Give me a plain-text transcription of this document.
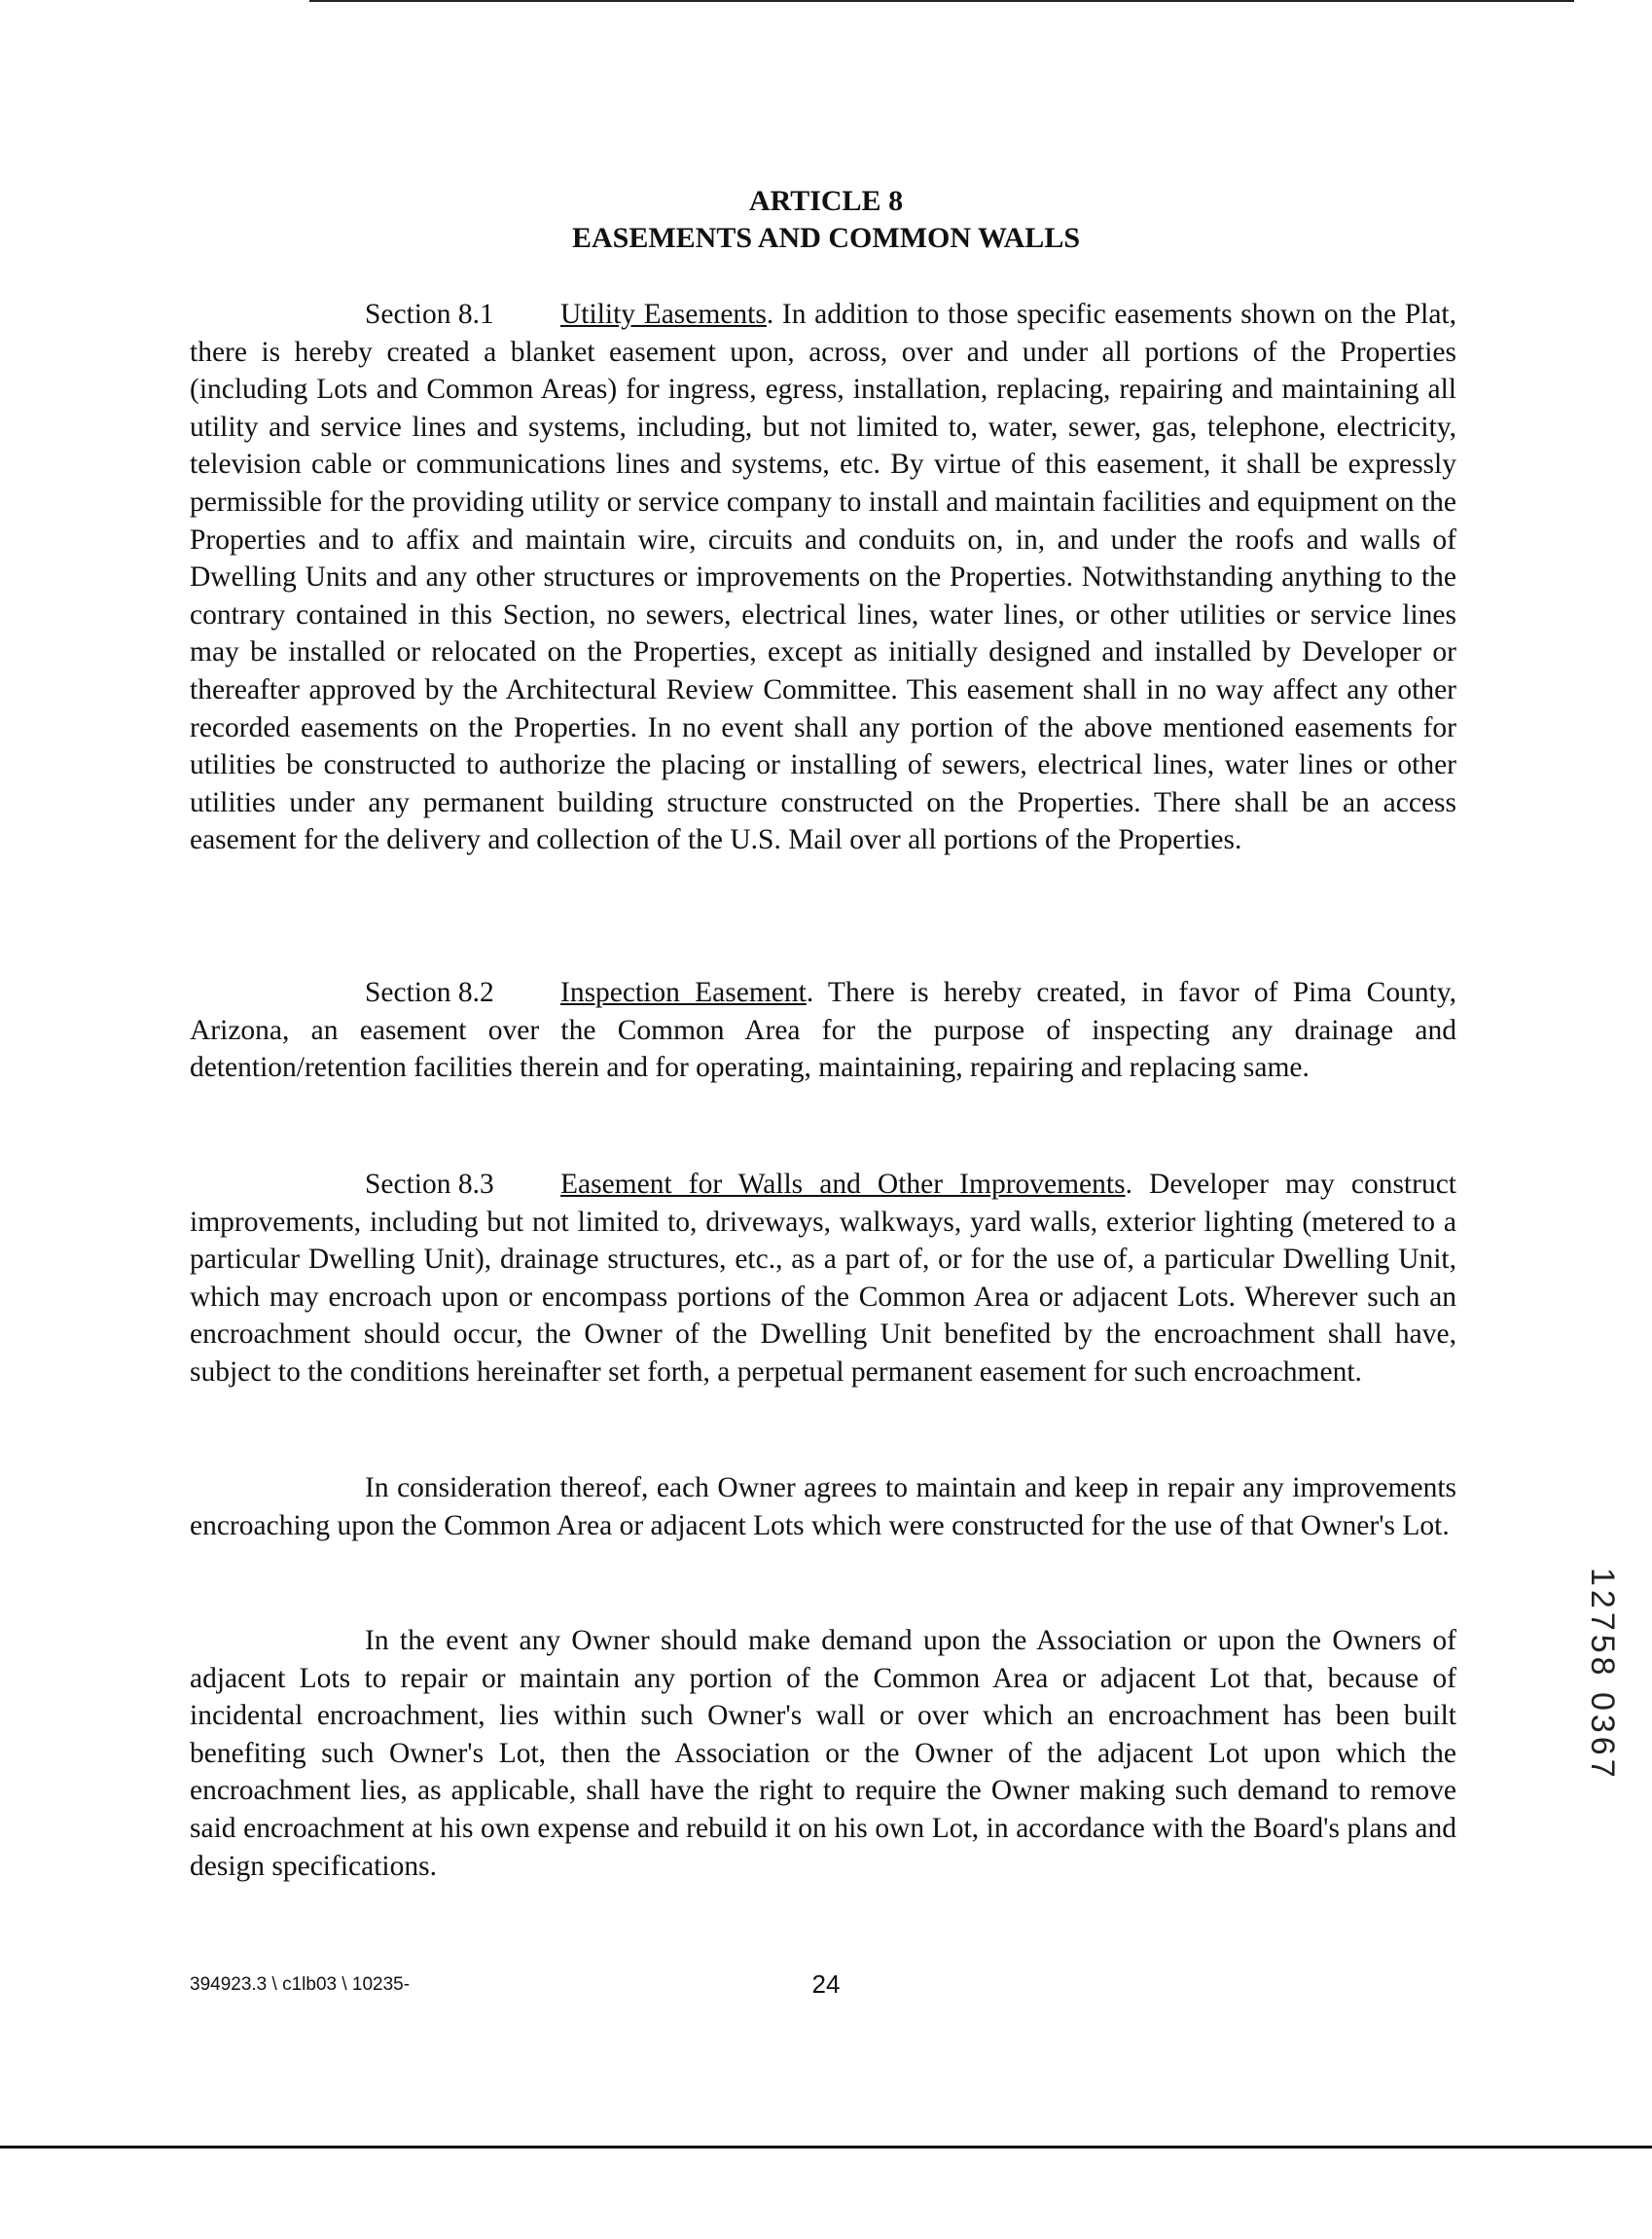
ARTICLE 8
EASEMENTS AND COMMON WALLS

Section 8.1 Utility Easements. In addition to those specific easements shown on the Plat, there is hereby created a blanket easement upon, across, over and under all portions of the Properties (including Lots and Common Areas) for ingress, egress, installation, replacing, repairing and maintaining all utility and service lines and systems, including, but not limited to, water, sewer, gas, telephone, electricity, television cable or communications lines and systems, etc. By virtue of this easement, it shall be expressly permissible for the providing utility or service company to install and maintain facilities and equipment on the Properties and to affix and maintain wire, circuits and conduits on, in, and under the roofs and walls of Dwelling Units and any other structures or improvements on the Properties. Notwithstanding anything to the contrary contained in this Section, no sewers, electrical lines, water lines, or other utilities or service lines may be installed or relocated on the Properties, except as initially designed and installed by Developer or thereafter approved by the Architectural Review Committee. This easement shall in no way affect any other recorded easements on the Properties. In no event shall any portion of the above mentioned easements for utilities be constructed to authorize the placing or installing of sewers, electrical lines, water lines or other utilities under any permanent building structure constructed on the Properties. There shall be an access easement for the delivery and collection of the U.S. Mail over all portions of the Properties.

Section 8.2 Inspection Easement. There is hereby created, in favor of Pima County, Arizona, an easement over the Common Area for the purpose of inspecting any drainage and detention/retention facilities therein and for operating, maintaining, repairing and replacing same.

Section 8.3 Easement for Walls and Other Improvements. Developer may construct improvements, including but not limited to, driveways, walkways, yard walls, exterior lighting (metered to a particular Dwelling Unit), drainage structures, etc., as a part of, or for the use of, a particular Dwelling Unit, which may encroach upon or encompass portions of the Common Area or adjacent Lots. Wherever such an encroachment should occur, the Owner of the Dwelling Unit benefited by the encroachment shall have, subject to the conditions hereinafter set forth, a perpetual permanent easement for such encroachment.

In consideration thereof, each Owner agrees to maintain and keep in repair any improvements encroaching upon the Common Area or adjacent Lots which were constructed for the use of that Owner's Lot.

In the event any Owner should make demand upon the Association or upon the Owners of adjacent Lots to repair or maintain any portion of the Common Area or adjacent Lot that, because of incidental encroachment, lies within such Owner's wall or over which an encroachment has been built benefiting such Owner's Lot, then the Association or the Owner of the adjacent Lot upon which the encroachment lies, as applicable, shall have the right to require the Owner making such demand to remove said encroachment at his own expense and rebuild it on his own Lot, in accordance with the Board's plans and design specifications.

394923.3 \ c1lb03 \ 10235-	24
12758 0367
